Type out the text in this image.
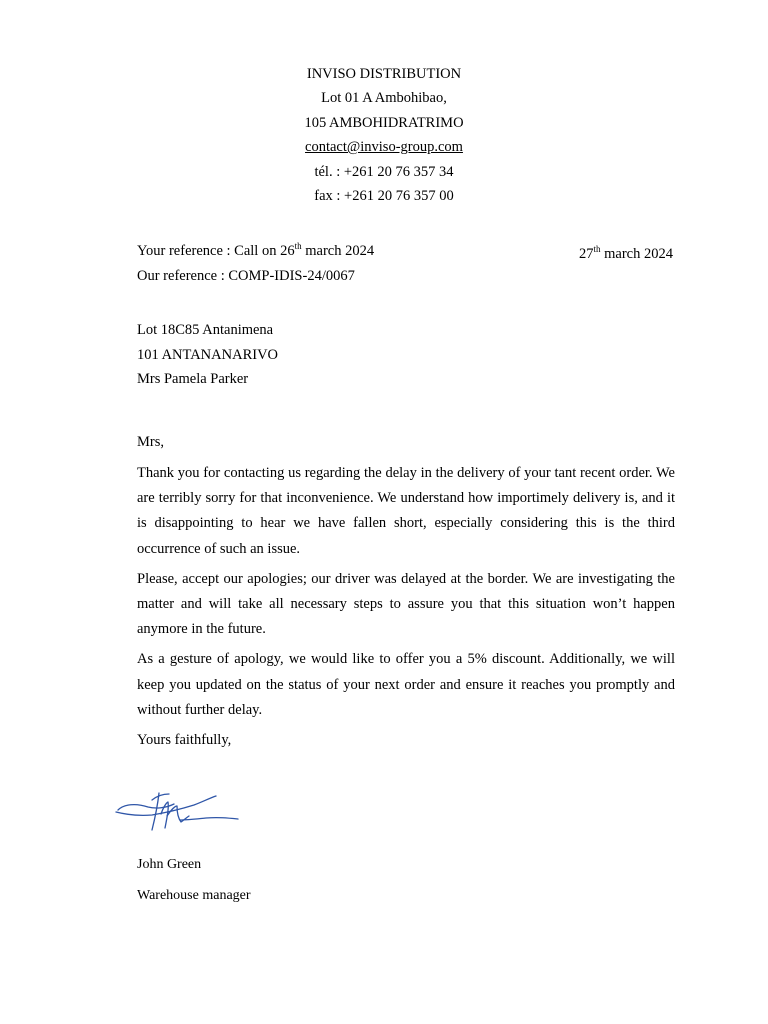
INVISO DISTRIBUTION
Lot 01 A Ambohibao,
105 AMBOHIDRATRIMO
contact@inviso-group.com
tél. : +261 20 76 357 34
fax : +261 20 76 357 00
Your reference : Call on 26th march 2024
Our reference : COMP-IDIS-24/0067
27th march 2024
Lot 18C85 Antanimena
101 ANTANANARIVO
Mrs Pamela Parker
Mrs,

Thank you for contacting us regarding the delay in the delivery of your tant recent order. We are terribly sorry for that inconvenience. We understand how importimely delivery is, and it is disappointing to hear we have fallen short, especially considering this is the third occurrence of such an issue.

Please, accept our apologies; our driver was delayed at the border. We are investigating the matter and will take all necessary steps to assure you that this situation won’t happen anymore in the future.

As a gesture of apology, we would like to offer you a 5% discount. Additionally, we will keep you updated on the status of your next order and ensure it reaches you promptly and without further delay.

Yours faithfully,
John Green
Warehouse manager
